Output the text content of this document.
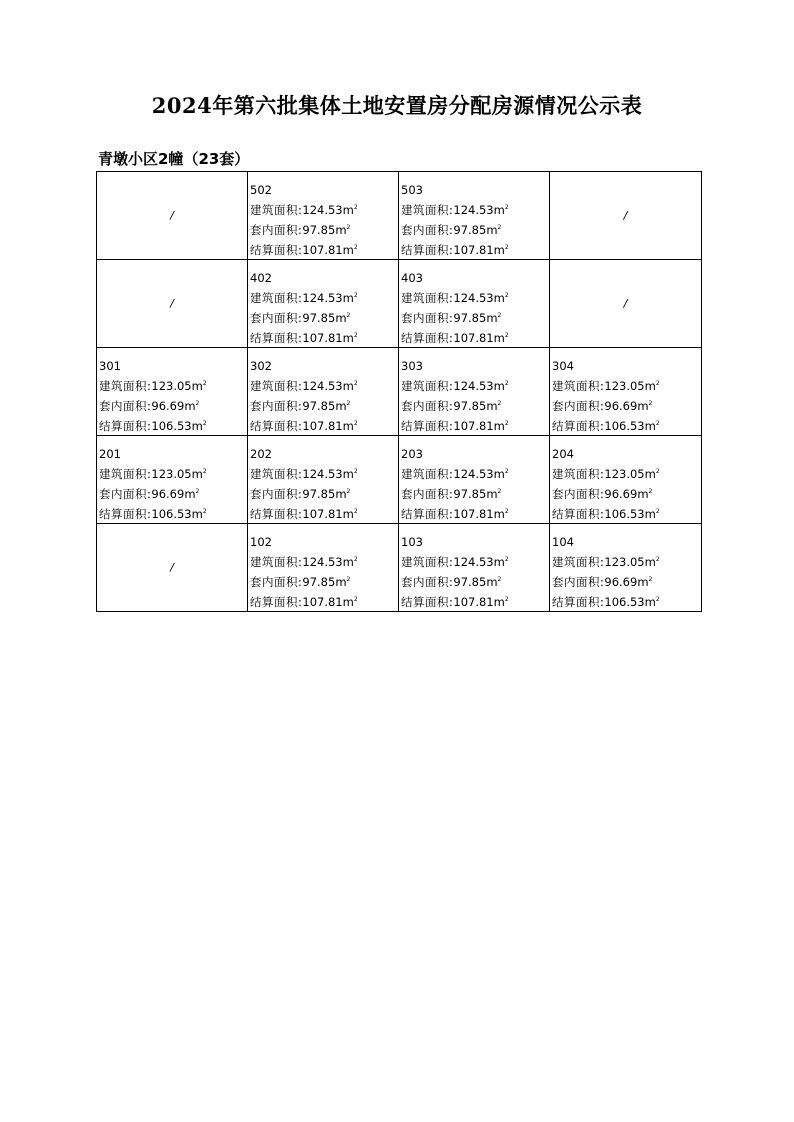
2024年第六批集体土地安置房分配房源情况公示表
青墩小区2幢（23套）
/	502
建筑面积$:124.53m^2$
套内面积$:97.85m^2$
结算面积$:107.81m^2$	503
建筑面积$:124.53m^2$
套内面积$:97.85m^2$
结算面积$:107.81m^2$	/
/	402
建筑面积$:124.53m^2$
套内面积$:97.85m^2$
结算面积$:107.81m^2$	403
建筑面积$:124.53m^2$
套内面积$:97.85m^2$
结算面积$:107.81m^2$	/

301
建筑面积$:123.05m^2$
套内面积$:96.69m^2$
结算面积$:106.53m^2$	302
建筑面积$:124.53m^2$
套内面积$:97.85m^2$
结算面积$:107.81m^2$	303
建筑面积$:124.53m^2$
套内面积$:97.85m^2$
结算面积$:107.81m^2$	304
建筑面积$:123.05m^2$
套内面积$:96.69m^2$
结算面积$:106.53m^2$

201
建筑面积$:123.05m^2$
套内面积$:96.69m^2$
结算面积$:106.53m^2$	202
建筑面积$:124.53m^2$
套内面积$:97.85m^2$
结算面积$:107.81m^2$	203
建筑面积$:124.53m^2$
套内面积$:97.85m^2$
结算面积$:107.81m^2$	204
建筑面积$:123.05m^2$
套内面积$:96.69m^2$
结算面积$:106.53m^2$

/	102
建筑面积$:124.53m^2$
套内面积$:97.85m^2$
结算面积$:107.81m^2$	103
建筑面积$:124.53m^2$
套内面积$:97.85m^2$
结算面积$:107.81m^2$	104
建筑面积$:123.05m^2$
套内面积$:96.69m^2$
结算面积$:106.53m^2$
